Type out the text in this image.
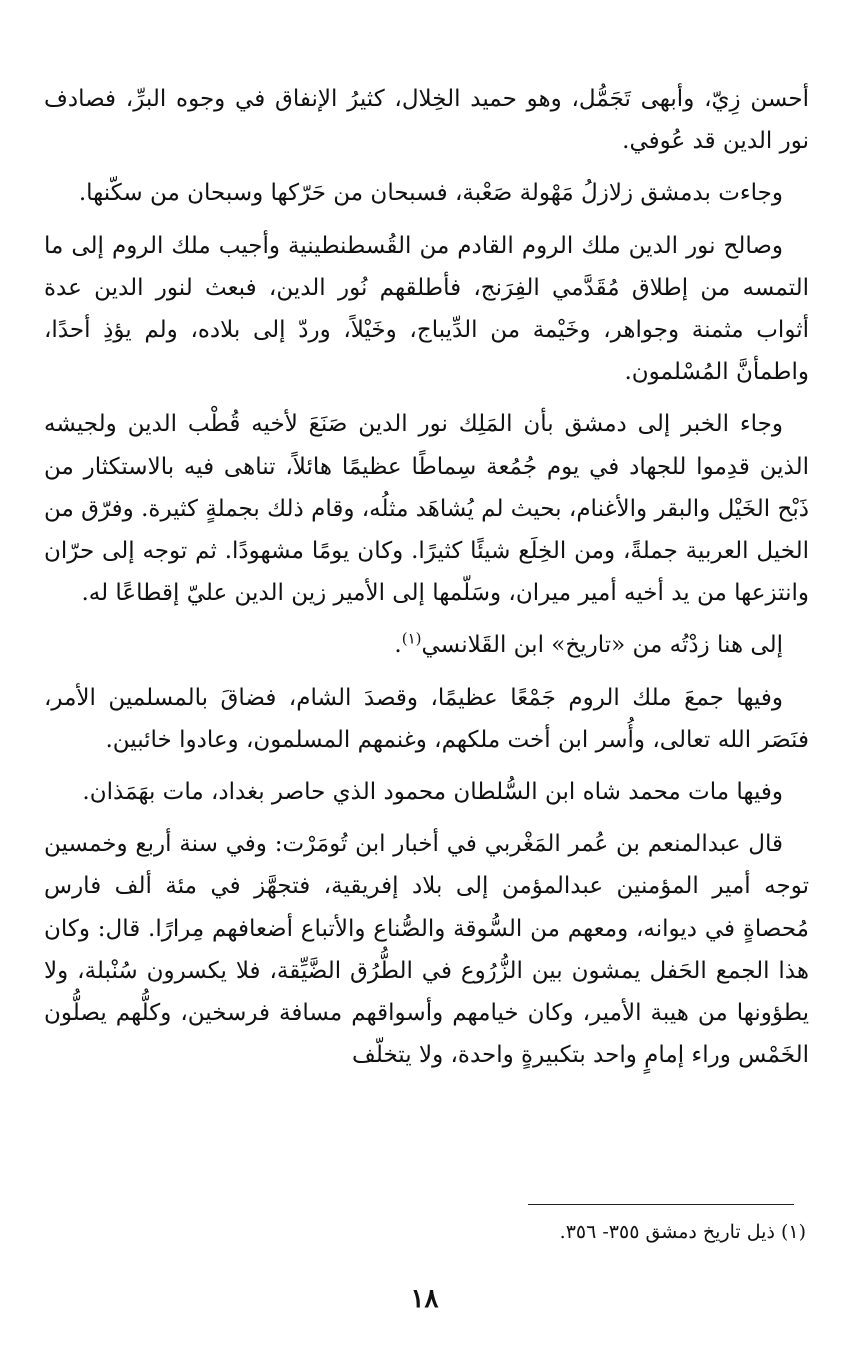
أحسن زِيّ، وأبهى تَجَمُّل، وهو حميد الخِلال، كثيرُ الإنفاق في وجوه البرِّ، فصادف نور الدين قد عُوفي.

وجاءت بدمشق زلازلُ مَهْولة صَعْبة، فسبحان من حَرّكها وسبحان من سكّنها.

وصالح نور الدين ملك الروم القادم من القُسطنطينية وأجيب ملك الروم إلى ما التمسه من إطلاق مُقَدَّمي الفِرَنج، فأطلقهم نُور الدين، فبعث لنور الدين عدة أثواب مثمنة وجواهر، وخَيْمة من الدِّيباج، وخَيْلاً، وردّ إلى بلاده، ولم يؤذِ أحدًا، واطمأنَّ المُسْلمون.

وجاء الخبر إلى دمشق بأن المَلِك نور الدين صَنَعَ لأخيه قُطْب الدين ولجيشه الذين قدِموا للجهاد في يوم جُمُعة سِماطًا عظيمًا هائلاً، تناهى فيه بالاستكثار من ذَبْح الخَيْل والبقر والأغنام، بحيث لم يُشاهَد مثلُه، وقام ذلك بجملةٍ كثيرة. وفرّق من الخيل العربية جملةً، ومن الخِلَع شيئًا كثيرًا. وكان يومًا مشهودًا. ثم توجه إلى حرّان وانتزعها من يد أخيه أمير ميران، وسَلّمها إلى الأمير زين الدين عليّ إقطاعًا له.

إلى هنا زدْتُه من «تاريخ» ابن القَلانسي$^{(١)}$.

وفيها جمعَ ملك الروم جَمْعًا عظيمًا، وقصدَ الشام، فضاقَ بالمسلمين الأمر، فنَصَر الله تعالى، وأُسر ابن أخت ملكهم، وغنمهم المسلمون، وعادوا خائبين.

وفيها مات محمد شاه ابن السُّلطان محمود الذي حاصر بغداد، مات بهَمَذان.

قال عبدالمنعم بن عُمر المَغْربي في أخبار ابن تُومَرْت: وفي سنة أربع وخمسين توجه أمير المؤمنين عبدالمؤمن إلى بلاد إفريقية، فتجهَّز في مئة ألف فارس مُحصاةٍ في ديوانه، ومعهم من السُّوقة والصُّناع والأتباع أضعافهم مِرارًا. قال: وكان هذا الجمع الحَفل يمشون بين الزُّرُوع في الطُّرُق الضَّيِّقة، فلا يكسرون سُنْبلة، ولا يطؤونها من هيبة الأمير، وكان خيامهم وأسواقهم مسافة فرسخين، وكلُّهم يصلُّون الخَمْس وراء إمامٍ واحد بتكبيرةٍ واحدة، ولا يتخلّف

(١) ذيل تاريخ دمشق ٣٥٥- ٣٥٦.

١٨
